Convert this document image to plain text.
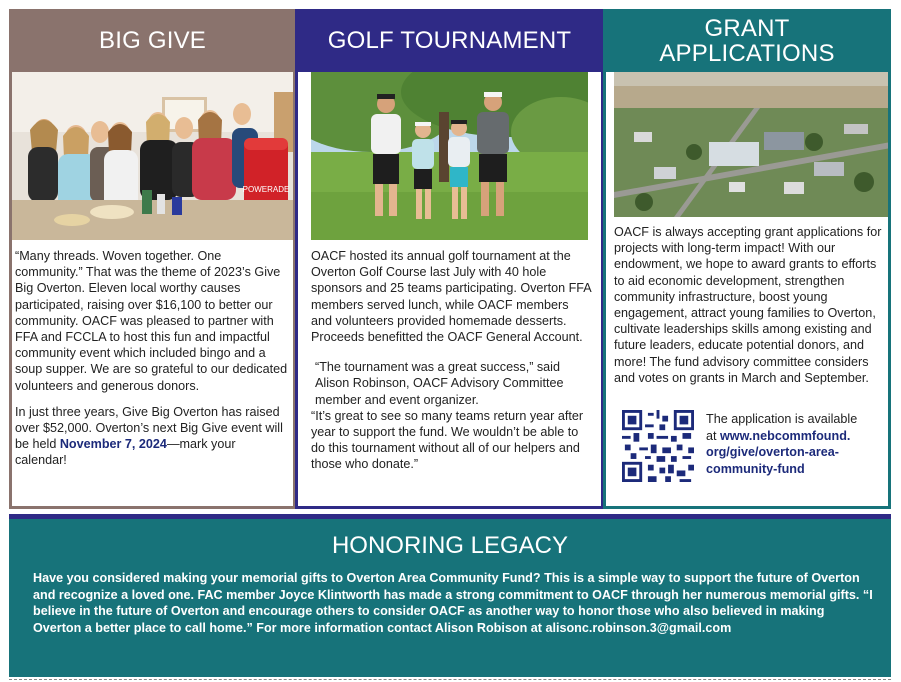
BIG GIVE
POWERADE

“Many threads. Woven together. One community.” That was the theme of 2023’s Give Big Overton. Eleven local worthy causes participated, raising over $16,100 to better our community. OACF was pleased to partner with FFA and FCCLA to host this fun and impactful community event which included bingo and a soup supper. We are so grateful to our dedicated volunteers and generous donors.

In just three years, Give Big Overton has raised over $52,000. Overton’s next Big Give event will be held November 7, 2024—mark your calendar!

GOLF TOURNAMENT

OACF hosted its annual golf tournament at the Overton Golf Course last July with 40 hole sponsors and 25 teams participating. Overton FFA members served lunch, while OACF members and volunteers provided homemade desserts. Proceeds benefitted the OACF General Account.

“The tournament was a great success,” said Alison Robinson, OACF Advisory Committee member and event organizer.

“It’s great to see so many teams return year after year to support the fund. We wouldn’t be able to do this tournament without all of our helpers and those who donate.”

GRANT
APPLICATIONS

OACF is always accepting grant applications for projects with long-term impact! With our endowment, we hope to award grants to efforts to aid economic development, strengthen community infrastructure, boost young engagement, attract young families to Overton, cultivate leaderships skills among existing and future leaders, educate potential donors, and more! The fund advisory committee considers and votes on grants in March and September.

The application is available
at www.nebcommfound.
org/give/overton-area-
community-fund
HONORING LEGACY
Have you considered making your memorial gifts to Overton Area Community Fund? This is a simple way to support the future of Overton and recognize a loved one. FAC member Joyce Klintworth has made a strong commitment to OACF through her numerous memorial gifts. “I believe in the future of Overton and encourage others to consider OACF as another way to honor those who also believed in making Overton a better place to call home.” For more information contact Alison Robison at alisonc.robinson.3@gmail.com
